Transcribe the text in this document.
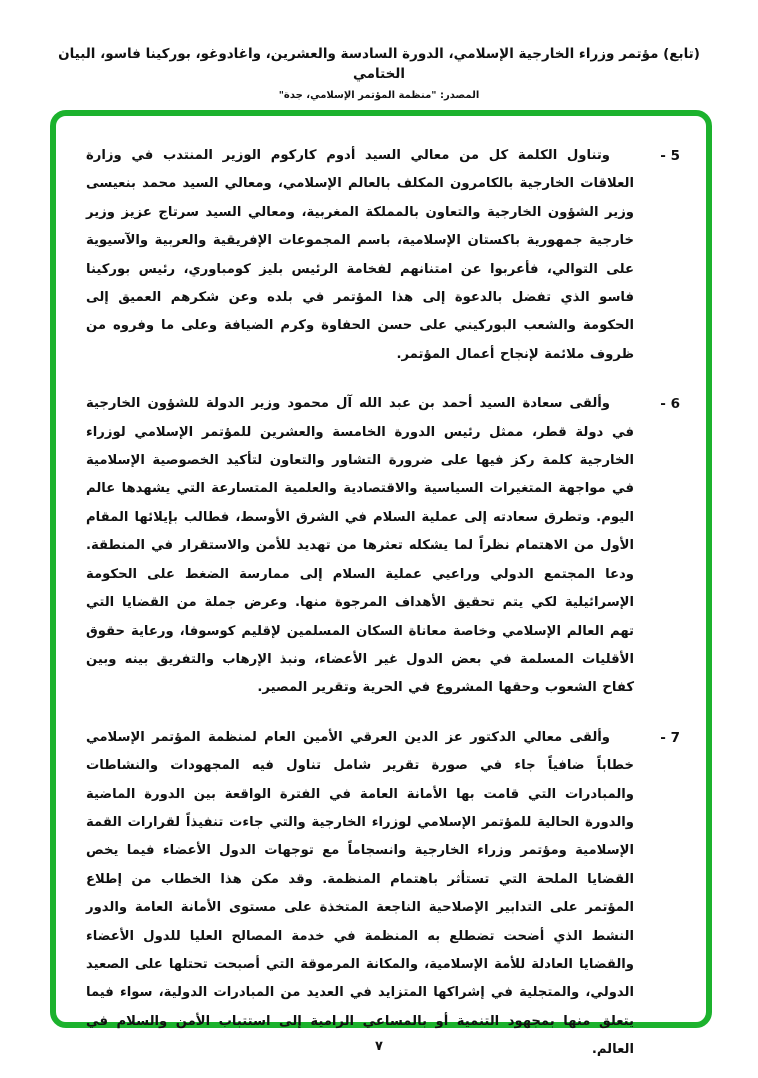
(تابع) مؤتمر وزراء الخارجية الإسلامي، الدورة السادسة والعشرين، واغادوغو، بوركينا فاسو، البيان الختامي
المصدر: "منظمة المؤتمر الإسلامي، جدة"
5 -
وتناول الكلمة كل من معالي السيد أدوم كاركوم الوزير المنتدب في وزارة العلاقات الخارجية بالكامرون المكلف بالعالم الإسلامي، ومعالي السيد محمد بنعيسى وزير الشؤون الخارجية والتعاون بالمملكة المغربية، ومعالي السيد سرتاج عزيز وزير خارجية جمهورية باكستان الإسلامية، باسم المجموعات الإفريقية والعربية والآسيوية على التوالي، فأعربوا عن امتنانهم لفخامة الرئيس بليز كومباوري، رئيس بوركينا فاسو الذي تفضل بالدعوة إلى هذا المؤتمر في بلده وعن شكرهم العميق إلى الحكومة والشعب البوركيني على حسن الحفاوة وكرم الضيافة وعلى ما وفروه من ظروف ملائمة لإنجاح أعمال المؤتمر.
6 -
وألقى سعادة السيد أحمد بن عبد الله آل محمود وزير الدولة للشؤون الخارجية في دولة قطر، ممثل رئيس الدورة الخامسة والعشرين للمؤتمر الإسلامي لوزراء الخارجية كلمة ركز فيها على ضرورة التشاور والتعاون لتأكيد الخصوصية الإسلامية في مواجهة المتغيرات السياسية والاقتصادية والعلمية المتسارعة التي يشهدها عالم اليوم. وتطرق سعادته إلى عملية السلام في الشرق الأوسط، فطالب بإيلائها المقام الأول من الاهتمام نظراً لما يشكله تعثرها من تهديد للأمن والاستقرار في المنطقة. ودعا المجتمع الدولي وراعيي عملية السلام إلى ممارسة الضغط على الحكومة الإسرائيلية لكي يتم تحقيق الأهداف المرجوة منها. وعرض جملة من القضايا التي تهم العالم الإسلامي وخاصة معاناة السكان المسلمين لإقليم كوسوفا، ورعاية حقوق الأقليات المسلمة في بعض الدول غير الأعضاء، ونبذ الإرهاب والتفريق بينه وبين كفاح الشعوب وحقها المشروع في الحرية وتقرير المصير.
7 -
وألقى معالي الدكتور عز الدين العرقي الأمين العام لمنظمة المؤتمر الإسلامي خطاباً ضافياً جاء في صورة تقرير شامل تناول فيه المجهودات والنشاطات والمبادرات التي قامت بها الأمانة العامة في الفترة الواقعة بين الدورة الماضية والدورة الحالية للمؤتمر الإسلامي لوزراء الخارجية والتي جاءت تنفيذاً لقرارات القمة الإسلامية ومؤتمر وزراء الخارجية وانسجاماً مع توجهات الدول الأعضاء فيما يخص القضايا الملحة التي تستأثر باهتمام المنظمة. وقد مكن هذا الخطاب من إطلاع المؤتمر على التدابير الإصلاحية الناجعة المتخذة على مستوى الأمانة العامة والدور النشط الذي أضحت تضطلع به المنظمة في خدمة المصالح العليا للدول الأعضاء والقضايا العادلة للأمة الإسلامية، والمكانة المرموقة التي أصبحت تحتلها على الصعيد الدولي، والمتجلية في إشراكها المتزايد في العديد من المبادرات الدولية، سواء فيما يتعلق منها بمجهود التنمية أو بالمساعي الرامية إلى استتباب الأمن والسلام في العالم.
٧
